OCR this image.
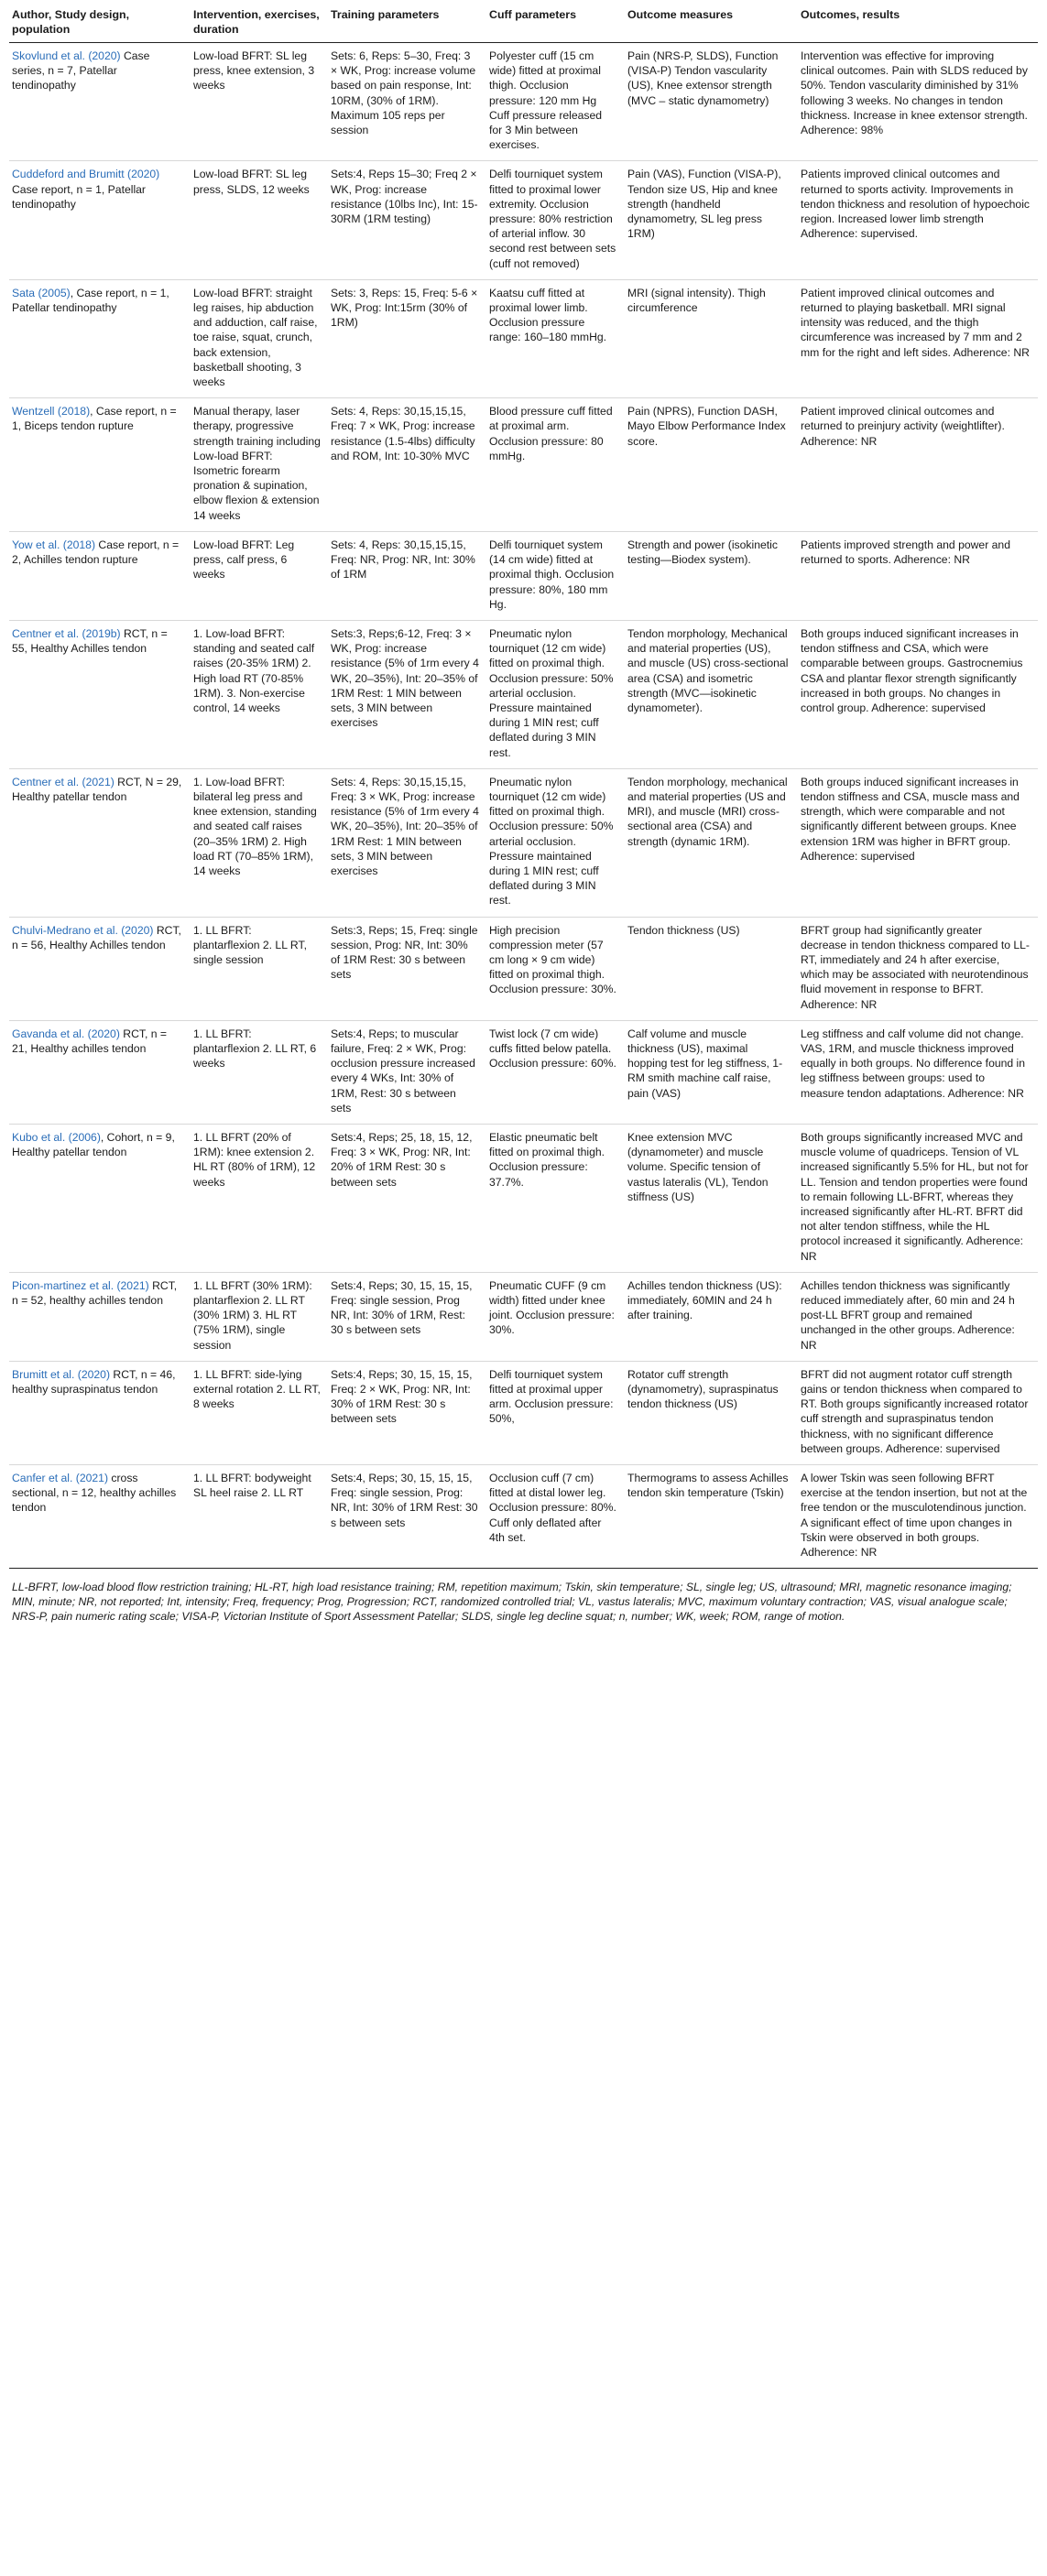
Author, Study design, population	Intervention, exercises, duration	Training parameters	Cuff parameters	Outcome measures	Outcomes, results
Skovlund et al. (2020) Case series, n = 7, Patellar tendinopathy	Low-load BFRT: SL leg press, knee extension, 3 weeks	Sets: 6, Reps: 5–30, Freq: 3 × WK, Prog: increase volume based on pain response, Int: 10RM, (30% of 1RM). Maximum 105 reps per session	Polyester cuff (15 cm wide) fitted at proximal thigh. Occlusion pressure: 120 mm Hg Cuff pressure released for 3 Min between exercises.	Pain (NRS-P, SLDS), Function (VISA-P) Tendon vascularity (US), Knee extensor strength (MVC – static dynamometry)	Intervention was effective for improving clinical outcomes. Pain with SLDS reduced by 50%. Tendon vascularity diminished by 31% following 3 weeks. No changes in tendon thickness. Increase in knee extensor strength. Adherence: 98%
Cuddeford and Brumitt (2020) Case report, n = 1, Patellar tendinopathy	Low-load BFRT: SL leg press, SLDS, 12 weeks	Sets:4, Reps 15–30; Freq 2 × WK, Prog: increase resistance (10lbs Inc), Int: 15-30RM (1RM testing)	Delfi tourniquet system fitted to proximal lower extremity. Occlusion pressure: 80% restriction of arterial inflow. 30 second rest between sets (cuff not removed)	Pain (VAS), Function (VISA-P), Tendon size US, Hip and knee strength (handheld dynamometry, SL leg press 1RM)	Patients improved clinical outcomes and returned to sports activity. Improvements in tendon thickness and resolution of hypoechoic region. Increased lower limb strength Adherence: supervised.
Sata (2005), Case report, n = 1, Patellar tendinopathy	Low-load BFRT: straight leg raises, hip abduction and adduction, calf raise, toe raise, squat, crunch, back extension, basketball shooting, 3 weeks	Sets: 3, Reps: 15, Freq: 5-6 × WK, Prog: Int:15rm (30% of 1RM)	Kaatsu cuff fitted at proximal lower limb. Occlusion pressure range: 160–180 mmHg.	MRI (signal intensity). Thigh circumference	Patient improved clinical outcomes and returned to playing basketball. MRI signal intensity was reduced, and the thigh circumference was increased by 7 mm and 2 mm for the right and left sides. Adherence: NR
Wentzell (2018), Case report, n = 1, Biceps tendon rupture	Manual therapy, laser therapy, progressive strength training including Low-load BFRT: Isometric forearm pronation & supination, elbow flexion & extension 14 weeks	Sets: 4, Reps: 30,15,15,15, Freq: 7 × WK, Prog: increase resistance (1.5-4lbs) difficulty and ROM, Int: 10-30% MVC	Blood pressure cuff fitted at proximal arm. Occlusion pressure: 80 mmHg.	Pain (NPRS), Function DASH, Mayo Elbow Performance Index score.	Patient improved clinical outcomes and returned to preinjury activity (weightlifter). Adherence: NR
Yow et al. (2018) Case report, n = 2, Achilles tendon rupture	Low-load BFRT: Leg press, calf press, 6 weeks	Sets: 4, Reps: 30,15,15,15, Freq: NR, Prog: NR, Int: 30% of 1RM	Delfi tourniquet system (14 cm wide) fitted at proximal thigh. Occlusion pressure: 80%, 180 mm Hg.	Strength and power (isokinetic testing—Biodex system).	Patients improved strength and power and returned to sports. Adherence: NR
Centner et al. (2019b) RCT, n = 55, Healthy Achilles tendon	1. Low-load BFRT: standing and seated calf raises (20-35% 1RM) 2. High load RT (70-85% 1RM). 3. Non-exercise control, 14 weeks	Sets:3, Reps;6-12, Freq: 3 × WK, Prog: increase resistance (5% of 1rm every 4 WK, 20–35%), Int: 20–35% of 1RM Rest: 1 MIN between sets, 3 MIN between exercises	Pneumatic nylon tourniquet (12 cm wide) fitted on proximal thigh. Occlusion pressure: 50% arterial occlusion. Pressure maintained during 1 MIN rest; cuff deflated during 3 MIN rest.	Tendon morphology, Mechanical and material properties (US), and muscle (US) cross-sectional area (CSA) and isometric strength (MVC—isokinetic dynamometer).	Both groups induced significant increases in tendon stiffness and CSA, which were comparable between groups. Gastrocnemius CSA and plantar flexor strength significantly increased in both groups. No changes in control group. Adherence: supervised
Centner et al. (2021) RCT, N = 29, Healthy patellar tendon	1. Low-load BFRT: bilateral leg press and knee extension, standing and seated calf raises (20–35% 1RM) 2. High load RT (70–85% 1RM), 14 weeks	Sets: 4, Reps: 30,15,15,15, Freq: 3 × WK, Prog: increase resistance (5% of 1rm every 4 WK, 20–35%), Int: 20–35% of 1RM Rest: 1 MIN between sets, 3 MIN between exercises	Pneumatic nylon tourniquet (12 cm wide) fitted on proximal thigh. Occlusion pressure: 50% arterial occlusion. Pressure maintained during 1 MIN rest; cuff deflated during 3 MIN rest.	Tendon morphology, mechanical and material properties (US and MRI), and muscle (MRI) cross-sectional area (CSA) and strength (dynamic 1RM).	Both groups induced significant increases in tendon stiffness and CSA, muscle mass and strength, which were comparable and not significantly different between groups. Knee extension 1RM was higher in BFRT group. Adherence: supervised
Chulvi-Medrano et al. (2020) RCT, n = 56, Healthy Achilles tendon	1. LL BFRT: plantarflexion 2. LL RT, single session	Sets:3, Reps; 15, Freq: single session, Prog: NR, Int: 30% of 1RM Rest: 30 s between sets	High precision compression meter (57 cm long × 9 cm wide) fitted on proximal thigh. Occlusion pressure: 30%.	Tendon thickness (US)	BFRT group had significantly greater decrease in tendon thickness compared to LL-RT, immediately and 24 h after exercise, which may be associated with neurotendinous fluid movement in response to BFRT. Adherence: NR
Gavanda et al. (2020) RCT, n = 21, Healthy achilles tendon	1. LL BFRT: plantarflexion 2. LL RT, 6 weeks	Sets:4, Reps; to muscular failure, Freq: 2 × WK, Prog: occlusion pressure increased every 4 WKs, Int: 30% of 1RM, Rest: 30 s between sets	Twist lock (7 cm wide) cuffs fitted below patella. Occlusion pressure: 60%.	Calf volume and muscle thickness (US), maximal hopping test for leg stiffness, 1-RM smith machine calf raise, pain (VAS)	Leg stiffness and calf volume did not change. VAS, 1RM, and muscle thickness improved equally in both groups. No difference found in leg stiffness between groups: used to measure tendon adaptations. Adherence: NR
Kubo et al. (2006), Cohort, n = 9, Healthy patellar tendon	1. LL BFRT (20% of 1RM): knee extension 2. HL RT (80% of 1RM), 12 weeks	Sets:4, Reps; 25, 18, 15, 12, Freq: 3 × WK, Prog: NR, Int: 20% of 1RM Rest: 30 s between sets	Elastic pneumatic belt fitted on proximal thigh. Occlusion pressure: 37.7%.	Knee extension MVC (dynamometer) and muscle volume. Specific tension of vastus lateralis (VL), Tendon stiffness (US)	Both groups significantly increased MVC and muscle volume of quadriceps. Tension of VL increased significantly 5.5% for HL, but not for LL. Tension and tendon properties were found to remain following LL-BFRT, whereas they increased significantly after HL-RT. BFRT did not alter tendon stiffness, while the HL protocol increased it significantly. Adherence: NR
Picon-martinez et al. (2021) RCT, n = 52, healthy achilles tendon	1. LL BFRT (30% 1RM): plantarflexion 2. LL RT (30% 1RM) 3. HL RT (75% 1RM), single session	Sets:4, Reps; 30, 15, 15, 15, Freq: single session, Prog NR, Int: 30% of 1RM, Rest: 30 s between sets	Pneumatic CUFF (9 cm width) fitted under knee joint. Occlusion pressure: 30%.	Achilles tendon thickness (US): immediately, 60MIN and 24 h after training.	Achilles tendon thickness was significantly reduced immediately after, 60 min and 24 h post-LL BFRT group and remained unchanged in the other groups. Adherence: NR
Brumitt et al. (2020) RCT, n = 46, healthy supraspinatus tendon	1. LL BFRT: side-lying external rotation 2. LL RT, 8 weeks	Sets:4, Reps; 30, 15, 15, 15, Freq: 2 × WK, Prog: NR, Int: 30% of 1RM Rest: 30 s between sets	Delfi tourniquet system fitted at proximal upper arm. Occlusion pressure: 50%,	Rotator cuff strength (dynamometry), supraspinatus tendon thickness (US)	BFRT did not augment rotator cuff strength gains or tendon thickness when compared to RT. Both groups significantly increased rotator cuff strength and supraspinatus tendon thickness, with no significant difference between groups. Adherence: supervised
Canfer et al. (2021) cross sectional, n = 12, healthy achilles tendon	1. LL BFRT: bodyweight SL heel raise 2. LL RT	Sets:4, Reps; 30, 15, 15, 15, Freq: single session, Prog: NR, Int: 30% of 1RM Rest: 30 s between sets	Occlusion cuff (7 cm) fitted at distal lower leg. Occlusion pressure: 80%. Cuff only deflated after 4th set.	Thermograms to assess Achilles tendon skin temperature (Tskin)	A lower Tskin was seen following BFRT exercise at the tendon insertion, but not at the free tendon or the musculotendinous junction. A significant effect of time upon changes in Tskin were observed in both groups. Adherence: NR
LL-BFRT, low-load blood flow restriction training; HL-RT, high load resistance training; RM, repetition maximum; Tskin, skin temperature; SL, single leg; US, ultrasound; MRI, magnetic resonance imaging; MIN, minute; NR, not reported; Int, intensity; Freq, frequency; Prog, Progression; RCT, randomized controlled trial; VL, vastus lateralis; MVC, maximum voluntary contraction; VAS, visual analogue scale; NRS-P, pain numeric rating scale; VISA-P, Victorian Institute of Sport Assessment Patellar; SLDS, single leg decline squat; n, number; WK, week; ROM, range of motion.
